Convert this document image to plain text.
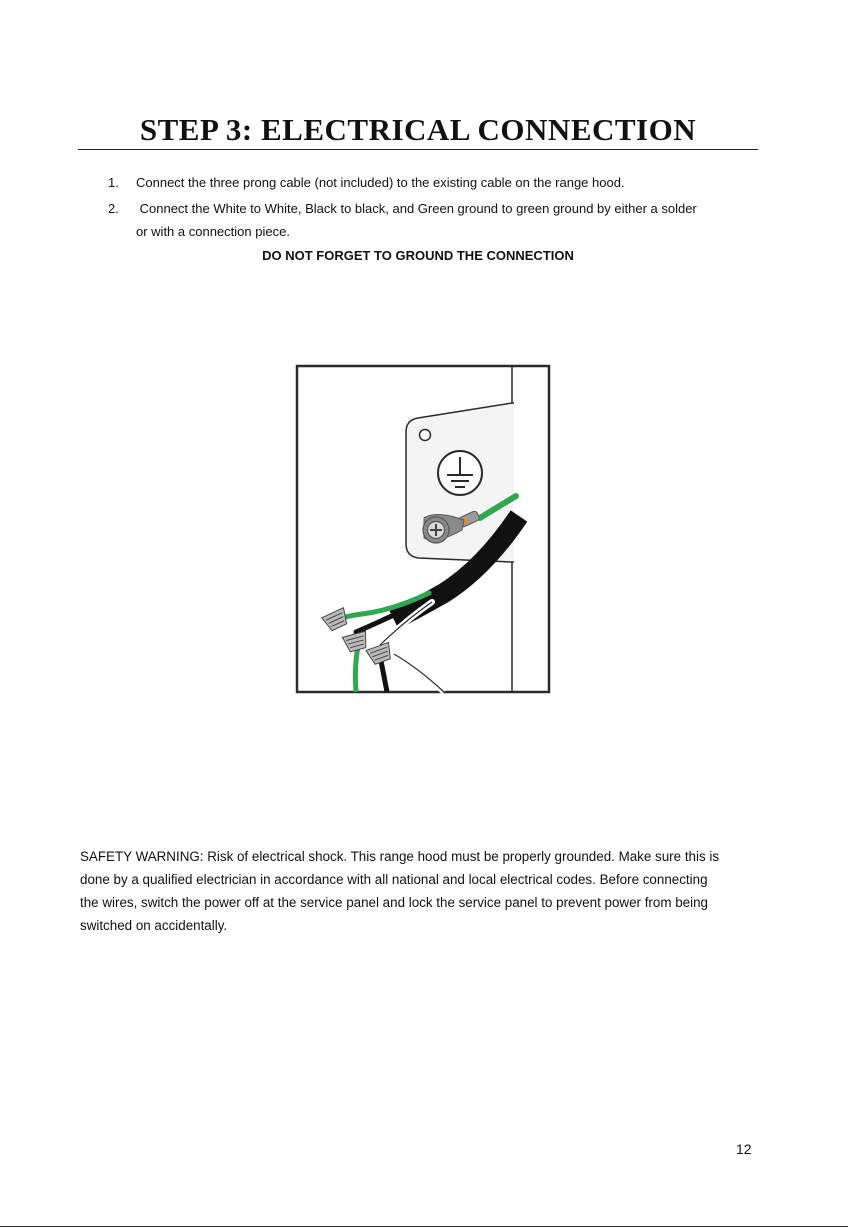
STEP 3: ELECTRICAL CONNECTION
1. Connect the three prong cable (not included) to the existing cable on the range hood.
2. Connect the White to White, Black to black, and Green ground to green ground by either a solder
or with a connection piece.
DO NOT FORGET TO GROUND THE CONNECTION
SAFETY WARNING: Risk of electrical shock. This range hood must be properly grounded. Make sure this is
done by a qualified electrician in accordance with all national and local electrical codes. Before connecting
the wires, switch the power off at the service panel and lock the service panel to prevent power from being
switched on accidentally.
12
